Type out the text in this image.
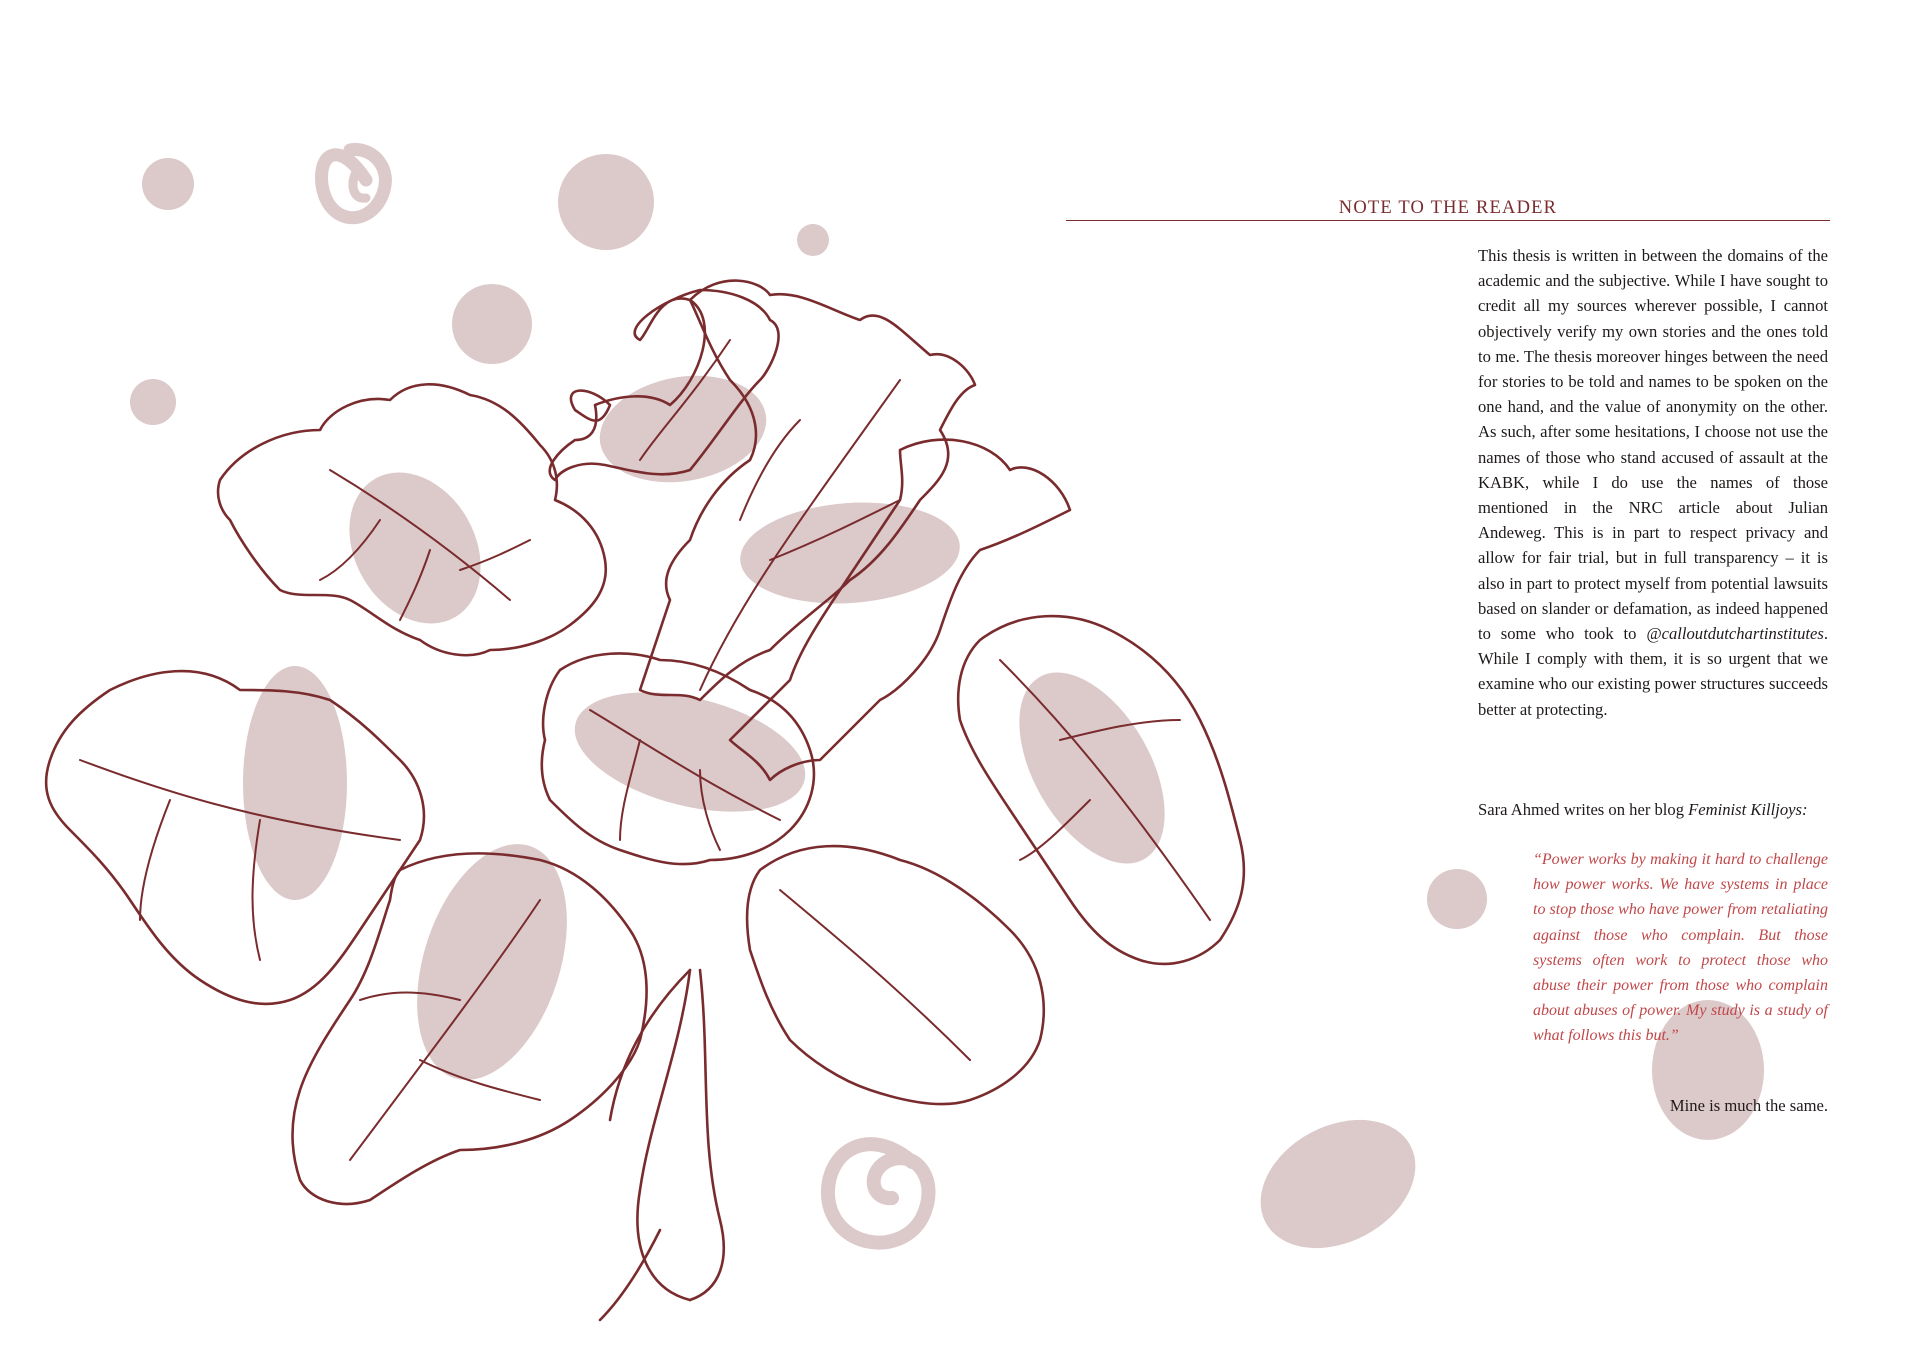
NOTE TO THE READER

This thesis is written in between the domains of the academic and the subjective. While I have sought to credit all my sources wherever possible, I cannot objectively verify my own stories and the ones told to me. The thesis moreover hinges between the need for stories to be told and names to be spoken on the one hand, and the value of anonymity on the other. As such, after some hesitations, I choose not use the names of those who stand accused of assault at the KABK, while I do use the names of those mentioned in the NRC article about Julian Andeweg. This is in part to respect privacy and allow for fair trial, but in full transparency – it is also in part to protect myself from potential lawsuits based on slander or defamation, as indeed happened to some who took to @calloutdutchartinstitutes. While I comply with them, it is so urgent that we examine who our existing power structures succeeds better at protecting.

Sara Ahmed writes on her blog Feminist Killjoys:

“Power works by making it hard to challenge how power works. We have systems in place to stop those who have power from retaliating against those who complain. But those systems often work to protect those who abuse their power from those who complain about abuses of power. My study is a study of what follows this but.”

Mine is much the same.
